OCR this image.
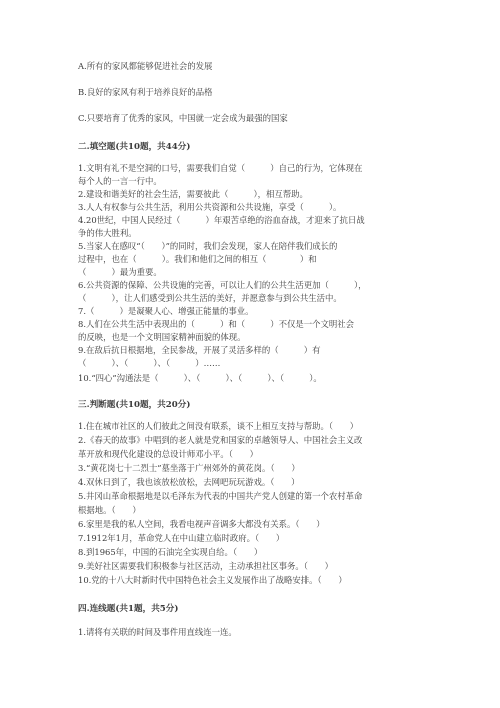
A.所有的家风都能够促进社会的发展
B.良好的家风有利于培养良好的品格
C.只要培育了优秀的家风，中国就一定会成为最强的国家
二.填空题(共10题，共44分)
1.文明有礼不是空洞的口号，需要我们自觉（　　　）自己的行为，它体现在
每个人的一言一行中。
2.建设和谐美好的社会生活，需要彼此（　　　），相互帮助。
3.人人有权参与公共生活，利用公共资源和公共设施，享受（　　　）。
4.20世纪，中国人民经过（　　　）年艰苦卓绝的浴血奋战，才迎来了抗日战
争的伟大胜利。
5.当家人在感叹“（　　）”的同时，我们会发现，家人在陪伴我们成长的
过程中，也在（　　　）。我们和他们之间的相互（　　　　）和
（　　　）最为重要。
6.公共资源的保障、公共设施的完善，可以让人们的公共生活更加（　　　），
（　　　），让人们感受到公共生活的美好，并愿意参与到公共生活中。
7.（　　　）是凝聚人心、增强正能量的事业。
8.人们在公共生活中表现出的（　　　）和（　　　）不仅是一个文明社会
的反映，也是一个文明国家精神面貌的体现。
9.在敌后抗日根据地，全民参战，开展了灵活多样的（　　　）有
（　　　）、（　　　）、（　　　）……
10.“四心”沟通法是（　　　）、（　　　）、（　　　）、（　　　）。
三.判断题(共10题，共20分)
1.住在城市社区的人们彼此之间没有联系，谈不上相互支持与帮助。（　　）
2.《春天的故事》中唱到的老人就是党和国家的卓越领导人、中国社会主义改
革开放和现代化建设的总设计师邓小平。（　　）
3.“黄花岗七十二烈士”墓坐落于广州郊外的黄花岗。（　　）
4.双休日到了，我也该放松放松，去网吧玩玩游戏。（　　）
5.井冈山革命根据地是以毛泽东为代表的中国共产党人创建的第一个农村革命
根据地。（　　）
6.家里是我的私人空间，我看电视声音调多大都没有关系。（　　）
7.1912年1月，革命党人在中山建立临时政府。（　　）
8.到1965年，中国的石油完全实现自给。（　　）
9.美好社区需要我们积极参与社区活动，主动承担社区事务。（　　）
10.党的十八大时新时代中国特色社会主义发展作出了战略安排。（　　）
四.连线题(共1题，共5分)
1.请将有关联的时间及事件用直线连一连。
